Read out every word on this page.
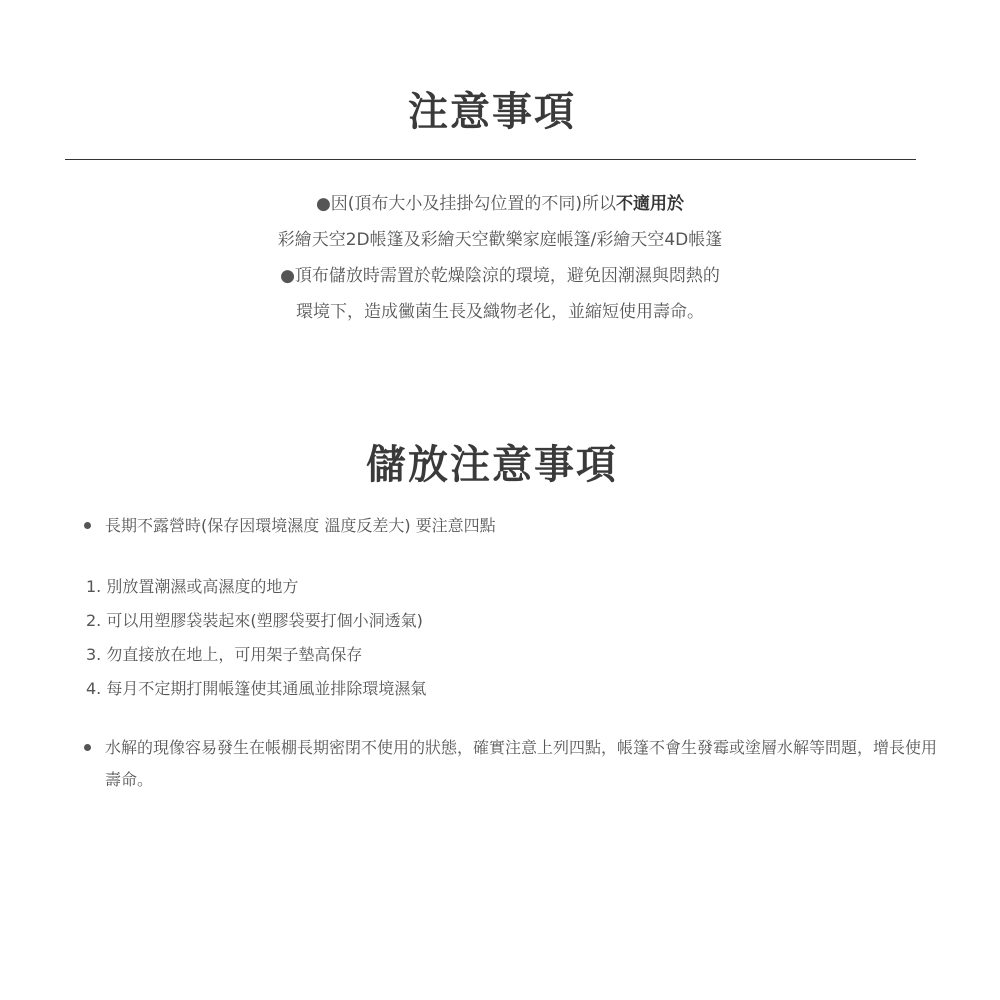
注意事項
●因(頂布大小及挂掛勾位置的不同)所以不適用於
彩繪天空2D帳篷及彩繪天空歡樂家庭帳篷/彩繪天空4D帳篷
●頂布儲放時需置於乾燥陰涼的環境，避免因潮濕與悶熱的
環境下，造成黴菌生長及織物老化，並縮短使用壽命。
儲放注意事項
長期不露營時(保存因環境濕度 溫度反差大) 要注意四點
1. 別放置潮濕或高濕度的地方
2. 可以用塑膠袋裝起來(塑膠袋要打個小洞透氣)
3. 勿直接放在地上，可用架子墊高保存
4. 每月不定期打開帳篷使其通風並排除環境濕氣
水解的現像容易發生在帳棚長期密閉不使用的狀態，確實注意上列四點，帳篷不會生發霉或塗層水解等問題，增長使用壽命。
